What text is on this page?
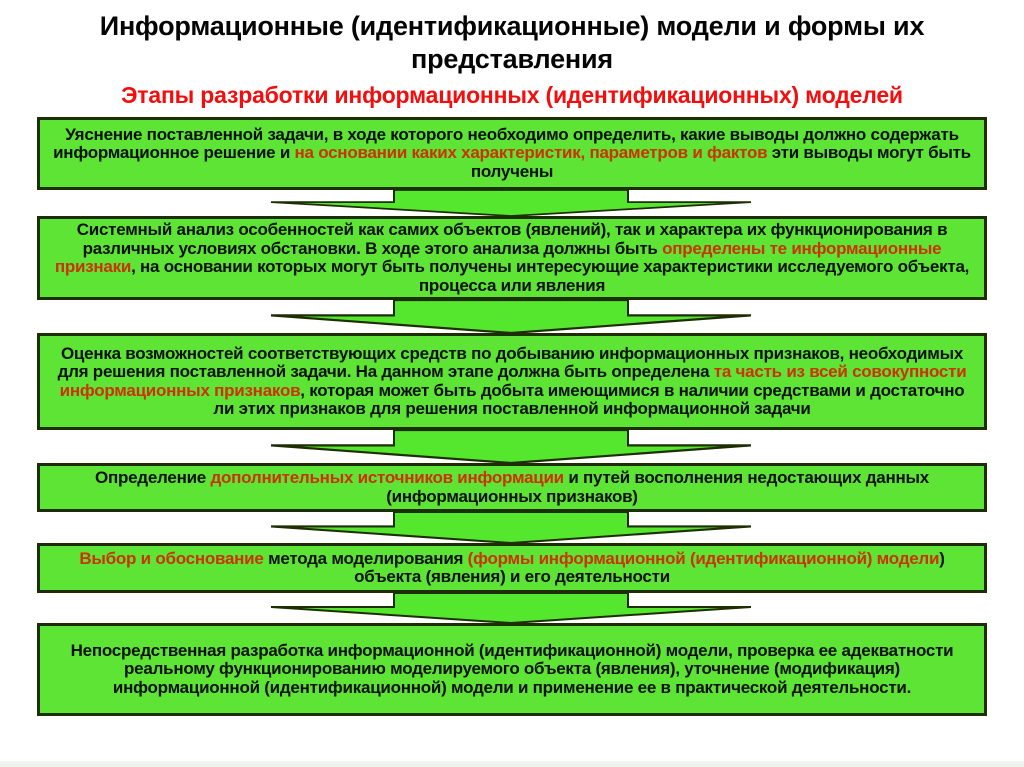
Информационные (идентификационные) модели и формы их представления
Этапы разработки информационных (идентификационных) моделей
Уяснение поставленной задачи, в ходе которого необходимо определить, какие выводы должно содержать информационное решение и на основании каких характеристик, параметров и фактов эти выводы могут быть получены
Системный анализ особенностей как самих объектов (явлений), так и характера их функционирования в различных условиях обстановки. В ходе этого анализа должны быть определены те информационные признаки, на основании которых могут быть получены интересующие характеристики исследуемого объекта, процесса или явления
Оценка возможностей соответствующих средств по добыванию информационных признаков, необходимых для решения поставленной задачи. На данном этапе должна быть определена та часть из всей совокупности информационных признаков, которая может быть добыта имеющимися в наличии средствами и достаточно ли этих признаков для решения поставленной информационной задачи
Определение дополнительных источников информации и путей восполнения недостающих данных (информационных признаков)
Выбор и обоснование метода моделирования (формы информационной (идентификационной) модели) объекта (явления) и его деятельности
Непосредственная разработка информационной (идентификационной) модели, проверка ее адекватности реальному функционированию моделируемого объекта (явления), уточнение (модификация) информационной (идентификационной) модели и применение ее в практической деятельности.
